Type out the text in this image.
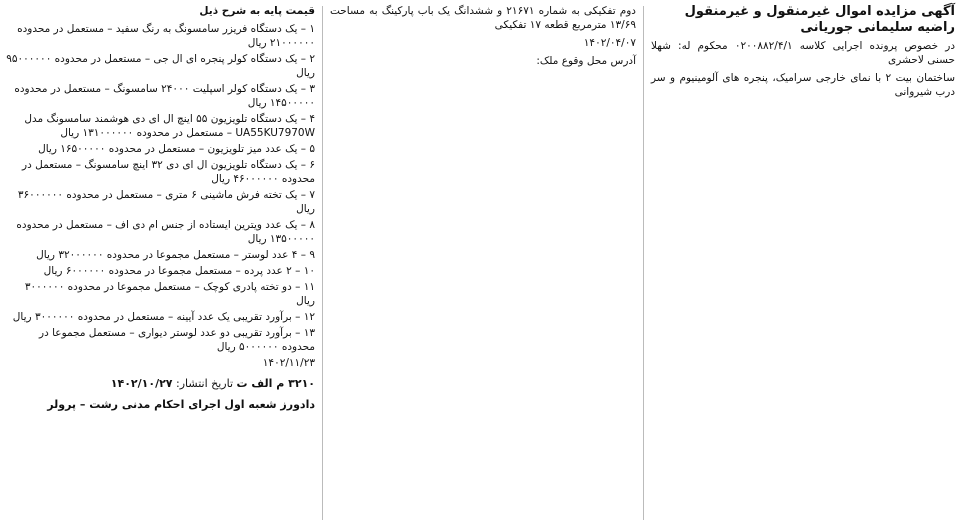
آگهی مزایده اموال غیرمنقول و غیرمنقول راضیه سلیمانی جوریانی

در خصوص پرونده اجرایی کلاسه ۰۲۰۰۸۸۲/۴/۱ محکوم له: شهلا حسنی لاحشری

ساختمان بیت ۲ با نمای خارجی سرامیک، پنجره های آلومینیوم و سر درب شیروانی

دوم تفکیکی به شماره ۲۱۶۷۱ و ششدانگ یک باب پارکینگ به مساحت ۱۳/۶۹ مترمربع قطعه ۱۷ تفکیکی

۱۴۰۲/۰۴/۰۷

آدرس محل وقوع ملک:

قیمت پایه به شرح ذیل

۱ – یک دستگاه فریزر سامسونگ به رنگ سفید – مستعمل در محدوده ۲۱۰۰۰۰۰۰ ریال
۲ – یک دستگاه کولر پنجره ای ال جی – مستعمل در محدوده ۹۵۰۰۰۰۰۰ ریال
۳ – یک دستگاه کولر اسپلیت ۲۴۰۰۰ سامسونگ – مستعمل در محدوده ۱۴۵۰۰۰۰۰ ریال
۴ – یک دستگاه تلویزیون ۵۵ اینچ ال ای دی هوشمند سامسونگ مدل UA55KU7970W – مستعمل در محدوده ۱۳۱۰۰۰۰۰۰ ریال
۵ – یک عدد میز تلویزیون – مستعمل در محدوده ۱۶۵۰۰۰۰۰ ریال
۶ – یک دستگاه تلویزیون ال ای دی ۳۲ اینچ سامسونگ – مستعمل در محدوده ۴۶۰۰۰۰۰۰ ریال
۷ – یک تخته فرش ماشینی ۶ متری – مستعمل در محدوده ۳۶۰۰۰۰۰۰ ریال
۸ – یک عدد ویترین ایستاده از جنس ام دی اف – مستعمل در محدوده ۱۳۵۰۰۰۰۰ ریال
۹ – ۴ عدد لوستر – مستعمل مجموعا در محدوده ۳۲۰۰۰۰۰۰ ریال
۱۰ – ۲ عدد پرده – مستعمل مجموعا در محدوده ۶۰۰۰۰۰۰ ریال
۱۱ – دو تخته پادری کوچک – مستعمل مجموعا در محدوده ۳۰۰۰۰۰۰ ریال
۱۲ – برآورد تقریبی یک عدد آیینه – مستعمل در محدوده ۳۰۰۰۰۰۰ ریال
۱۳ – برآورد تقریبی دو عدد لوستر دیواری – مستعمل مجموعا در محدوده ۵۰۰۰۰۰۰ ریال

۱۴۰۲/۱۱/۲۳

۳۲۱۰ م الف ت تاریخ انتشار: ۱۴۰۲/۱۰/۲۷

دادورز شعبه اول اجرای احکام مدنی رشت – پرولر
